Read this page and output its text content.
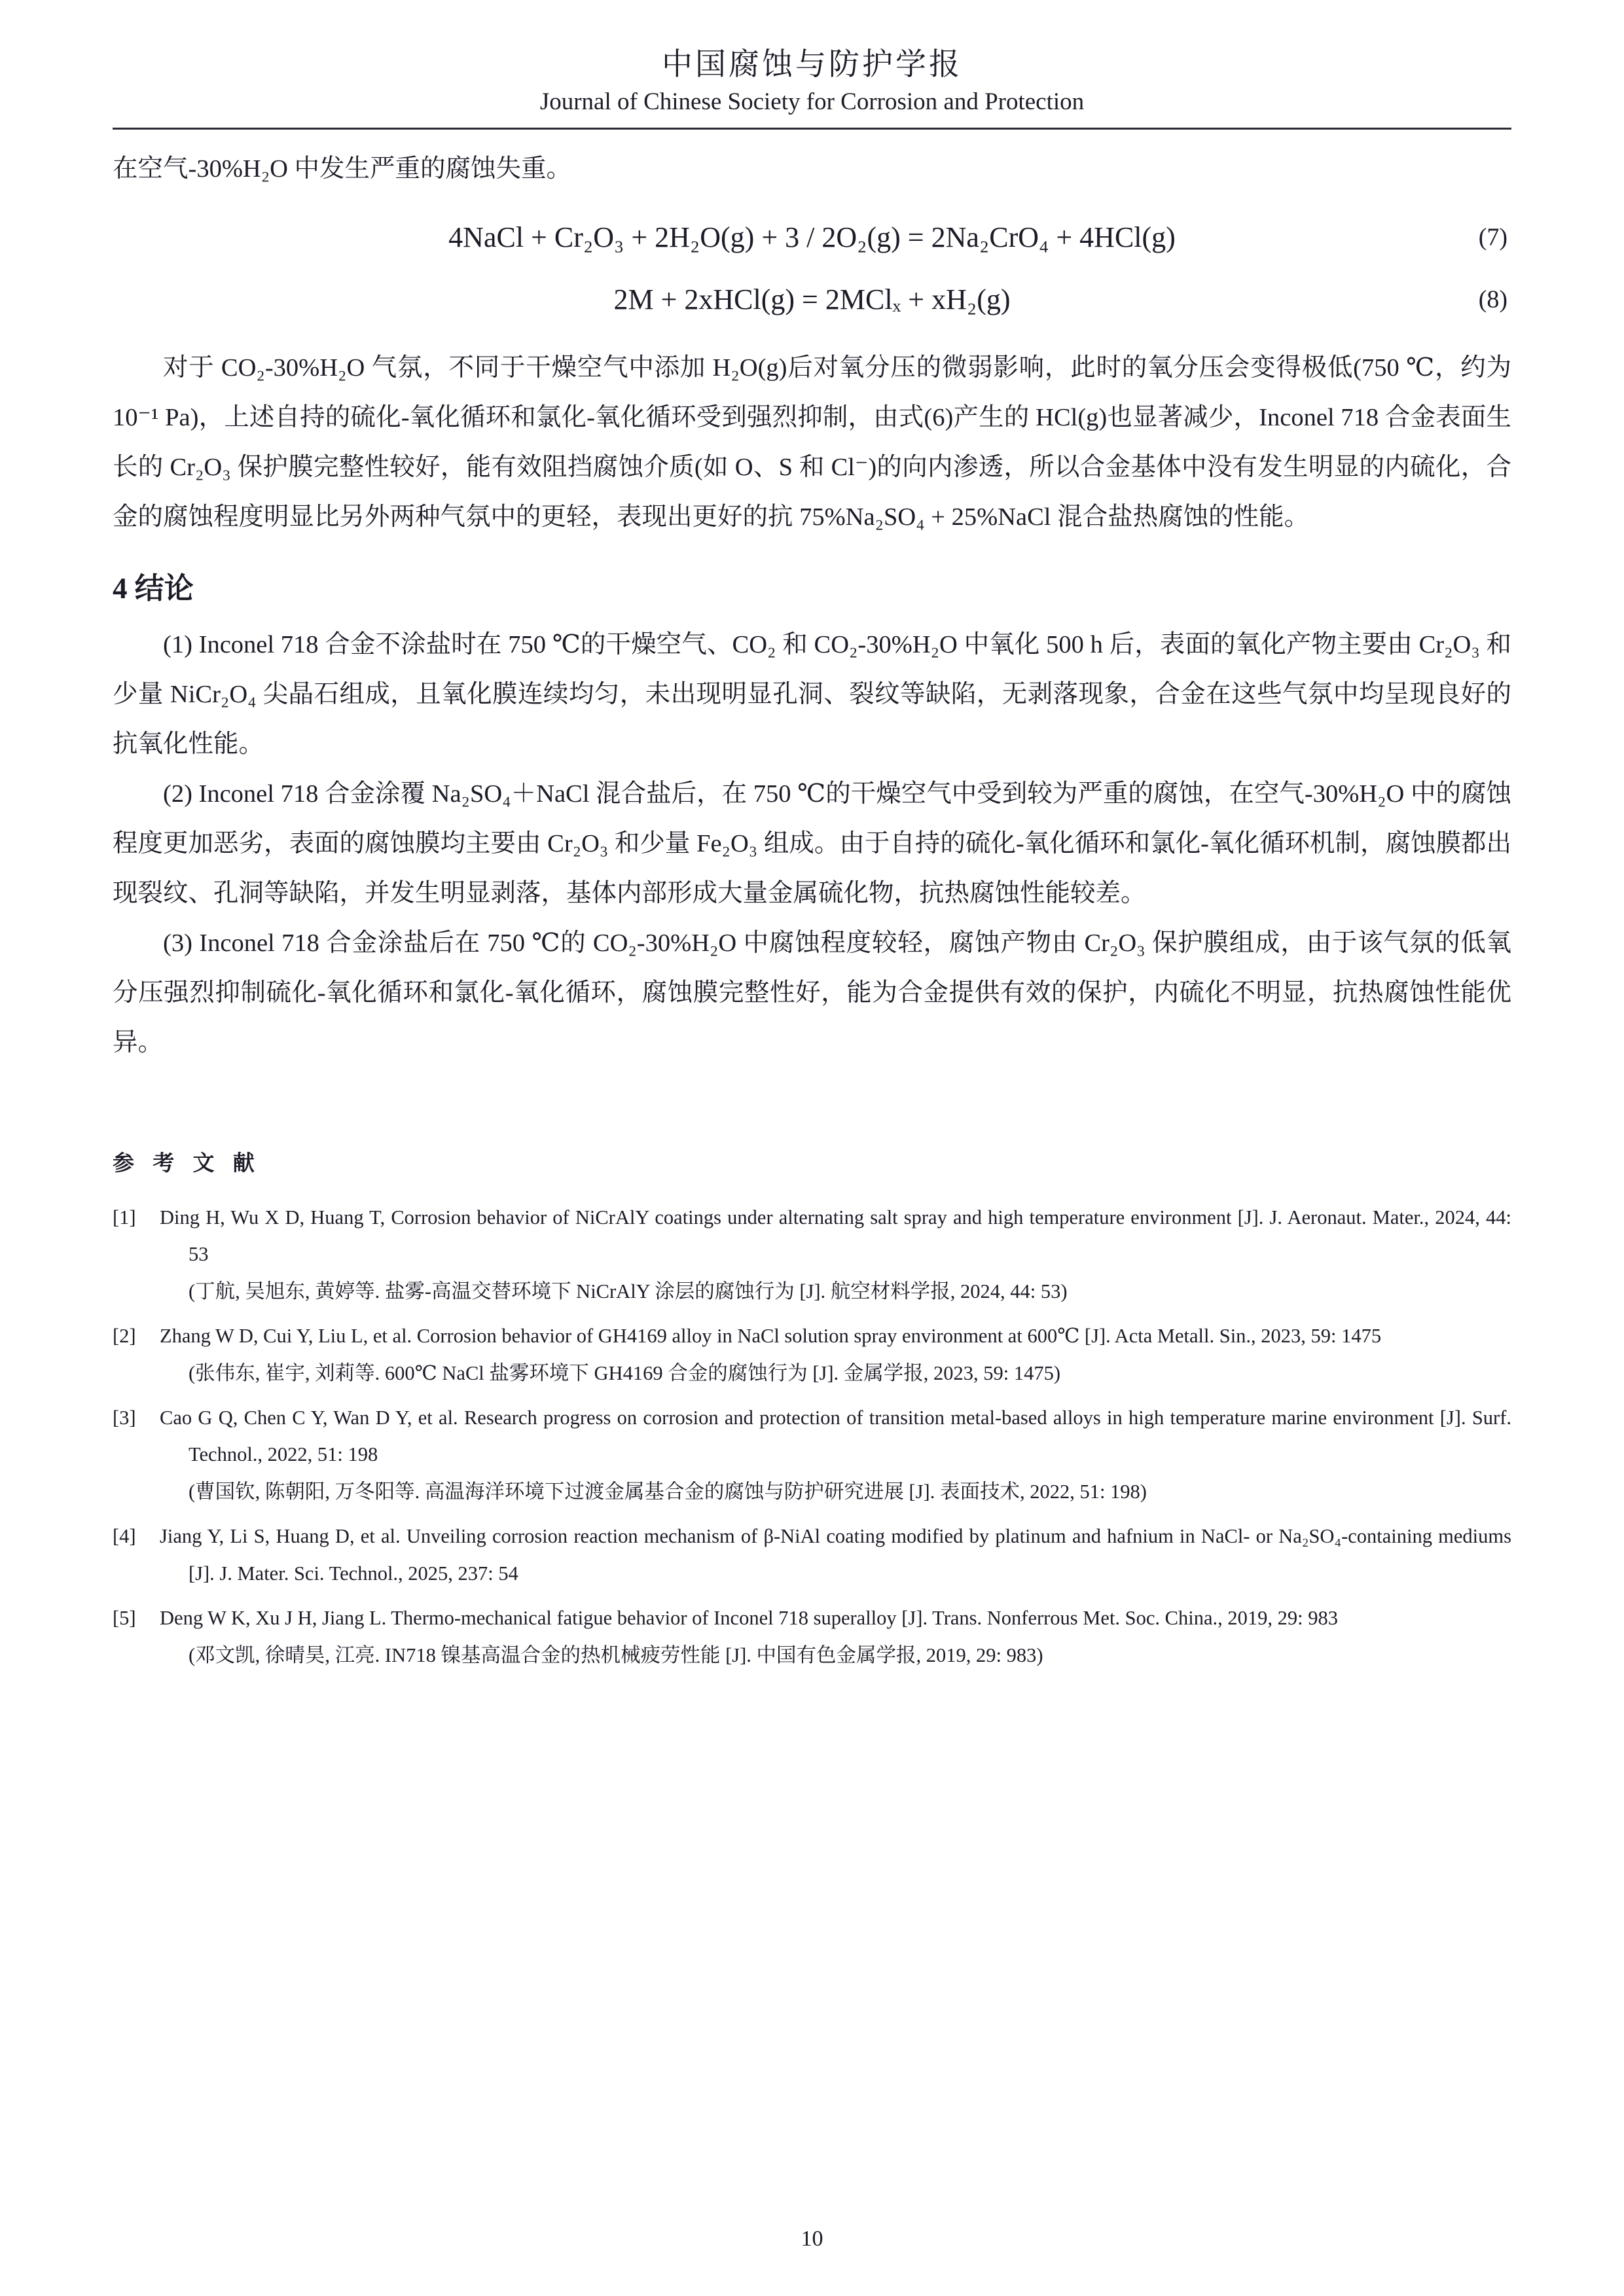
中国腐蚀与防护学报
Journal of Chinese Society for Corrosion and Protection

在空气-30%H₂O 中发生严重的腐蚀失重。

4NaCl + Cr₂O₃ + 2H₂O(g) + 3 / 2O₂(g) = 2Na₂CrO₄ + 4HCl(g)	(7)
2M + 2xHCl(g) = 2MClₓ + xH₂(g)	(8)

对于 CO₂-30%H₂O 气氛，不同于干燥空气中添加 H₂O(g)后对氧分压的微弱影响，此时的氧分压会变得极低(750 ℃，约为 10⁻¹ Pa)，上述自持的硫化-氧化循环和氯化-氧化循环受到强烈抑制，由式(6)产生的 HCl(g)也显著减少，Inconel 718 合金表面生长的 Cr₂O₃ 保护膜完整性较好，能有效阻挡腐蚀介质(如 O、S 和 Cl⁻)的向内渗透，所以合金基体中没有发生明显的内硫化，合金的腐蚀程度明显比另外两种气氛中的更轻，表现出更好的抗 75%Na₂SO₄ + 25%NaCl 混合盐热腐蚀的性能。

4 结论

(1) Inconel 718 合金不涂盐时在 750 ℃的干燥空气、CO₂ 和 CO₂-30%H₂O 中氧化 500 h 后，表面的氧化产物主要由 Cr₂O₃ 和少量 NiCr₂O₄ 尖晶石组成，且氧化膜连续均匀，未出现明显孔洞、裂纹等缺陷，无剥落现象，合金在这些气氛中均呈现良好的抗氧化性能。

(2) Inconel 718 合金涂覆 Na₂SO₄＋NaCl 混合盐后，在 750 ℃的干燥空气中受到较为严重的腐蚀，在空气-30%H₂O 中的腐蚀程度更加恶劣，表面的腐蚀膜均主要由 Cr₂O₃ 和少量 Fe₂O₃ 组成。由于自持的硫化-氧化循环和氯化-氧化循环机制，腐蚀膜都出现裂纹、孔洞等缺陷，并发生明显剥落，基体内部形成大量金属硫化物，抗热腐蚀性能较差。

(3) Inconel 718 合金涂盐后在 750 ℃的 CO₂-30%H₂O 中腐蚀程度较轻，腐蚀产物由 Cr₂O₃ 保护膜组成，由于该气氛的低氧分压强烈抑制硫化-氧化循环和氯化-氧化循环，腐蚀膜完整性好，能为合金提供有效的保护，内硫化不明显，抗热腐蚀性能优异。

参 考 文 献
[1] Ding H, Wu X D, Huang T, Corrosion behavior of NiCrAlY coatings under alternating salt spray and high temperature environment [J]. J. Aeronaut. Mater., 2024, 44: 53
(丁航, 吴旭东, 黄婷等. 盐雾-高温交替环境下 NiCrAlY 涂层的腐蚀行为 [J]. 航空材料学报, 2024, 44: 53)
[2] Zhang W D, Cui Y, Liu L, et al. Corrosion behavior of GH4169 alloy in NaCl solution spray environment at 600℃ [J]. Acta Metall. Sin., 2023, 59: 1475
(张伟东, 崔宇, 刘莉等. 600℃ NaCl 盐雾环境下 GH4169 合金的腐蚀行为 [J]. 金属学报, 2023, 59: 1475)
[3] Cao G Q, Chen C Y, Wan D Y, et al. Research progress on corrosion and protection of transition metal-based alloys in high temperature marine environment [J]. Surf. Technol., 2022, 51: 198
(曹国钦, 陈朝阳, 万冬阳等. 高温海洋环境下过渡金属基合金的腐蚀与防护研究进展 [J]. 表面技术, 2022, 51: 198)
[4] Jiang Y, Li S, Huang D, et al. Unveiling corrosion reaction mechanism of β-NiAl coating modified by platinum and hafnium in NaCl- or Na₂SO₄-containing mediums [J]. J. Mater. Sci. Technol., 2025, 237: 54
[5] Deng W K, Xu J H, Jiang L. Thermo-mechanical fatigue behavior of Inconel 718 superalloy [J]. Trans. Nonferrous Met. Soc. China., 2019, 29: 983
(邓文凯, 徐晴昊, 江亮. IN718 镍基高温合金的热机械疲劳性能 [J]. 中国有色金属学报, 2019, 29: 983)
10
